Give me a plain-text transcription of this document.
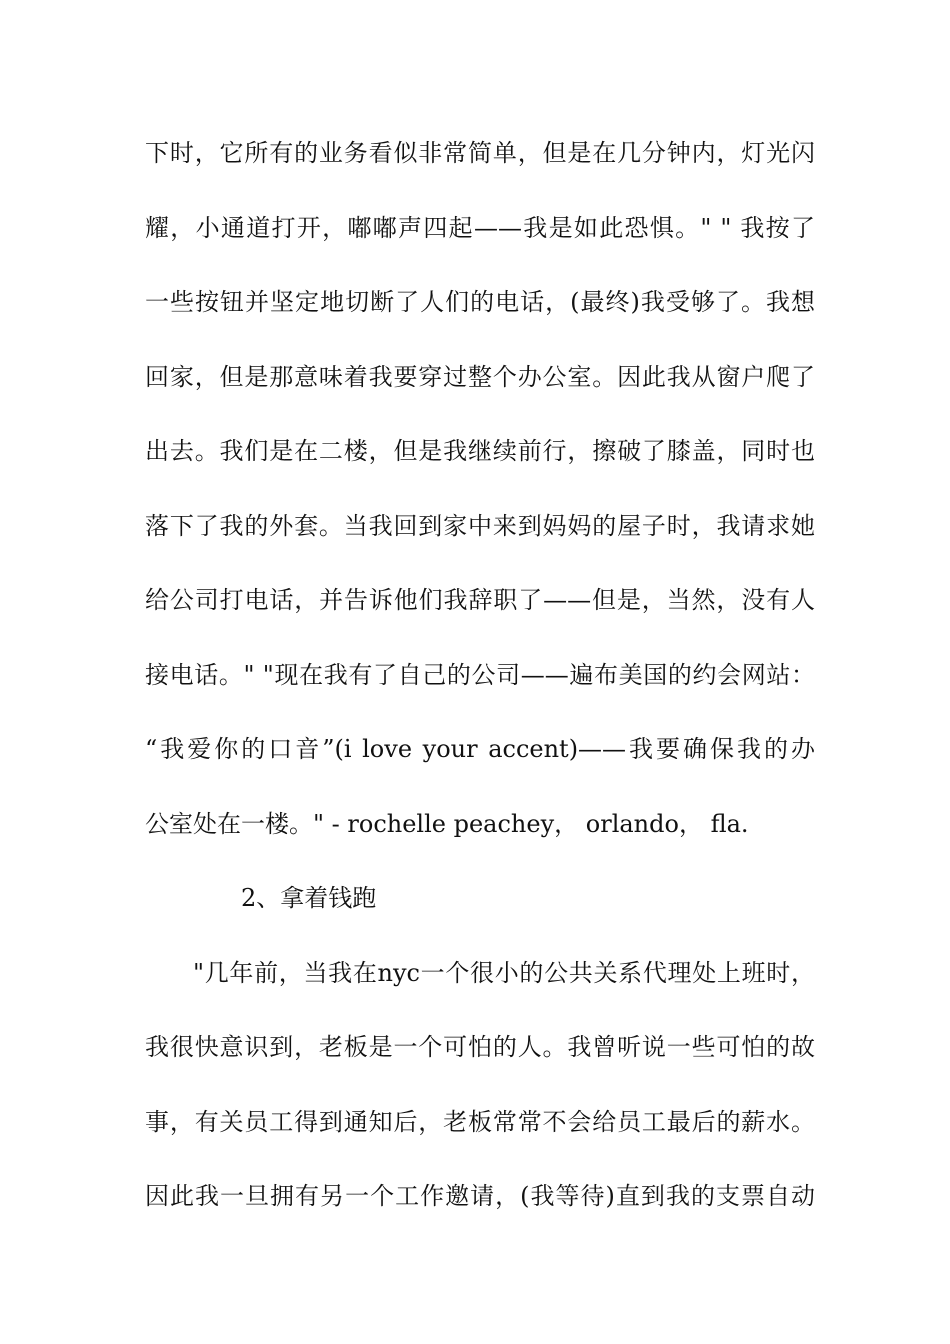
下时，它所有的业务看似非常简单，但是在几分钟内，灯光闪
耀，小通道打开，嘟嘟声四起——我是如此恐惧。" " 我按了
一些按钮并坚定地切断了人们的电话，(最终)我受够了。我想
回家，但是那意味着我要穿过整个办公室。因此我从窗户爬了
出去。我们是在二楼，但是我继续前行，擦破了膝盖，同时也
落下了我的外套。当我回到家中来到妈妈的屋子时，我请求她
给公司打电话，并告诉他们我辞职了——但是，当然，没有人
接电话。" "现在我有了自己的公司——遍布美国的约会网站：
“我爱你的口音”(i love your accent)——我要确保我的办
公室处在一楼。" - rochelle peachey， orlando， fla.
2、拿着钱跑
"几年前，当我在nyc一个很小的公共关系代理处上班时，
我很快意识到，老板是一个可怕的人。我曾听说一些可怕的故
事，有关员工得到通知后，老板常常不会给员工最后的薪水。
因此我一旦拥有另一个工作邀请，(我等待)直到我的支票自动
